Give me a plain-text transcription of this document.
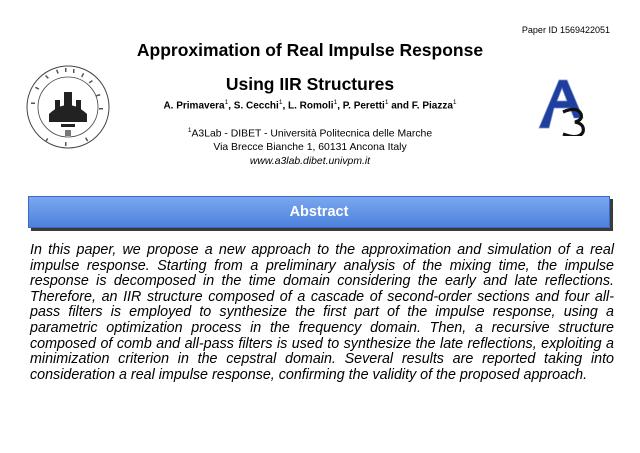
Paper ID 1569422051
Approximation of Real Impulse Response
Using IIR Structures
A. Primavera$^1$, S. Cecchi$^1$, L. Romoli$^1$, P. Peretti$^1$ and F. Piazza$^1$
$^1$A3Lab - DIBET - Università Politecnica delle Marche
Via Brecce Bianche 1, 60131 Ancona Italy
www.a3lab.dibet.univpm.it
Abstract
In this paper, we propose a new approach to the approximation and simulation of a real impulse response. Starting from a preliminary analysis of the mixing time, the impulse response is decomposed in the time domain considering the early and late reflections. Therefore, an IIR structure composed of a cascade of second-order sections and four all-pass filters is employed to synthesize the first part of the impulse response, using a parametric optimization process in the frequency domain. Then, a recursive structure composed of comb and all-pass filters is used to synthesize the late reflections, exploiting a minimization criterion in the cepstral domain. Several results are reported taking into consideration a real impulse response, confirming the validity of the proposed approach.
